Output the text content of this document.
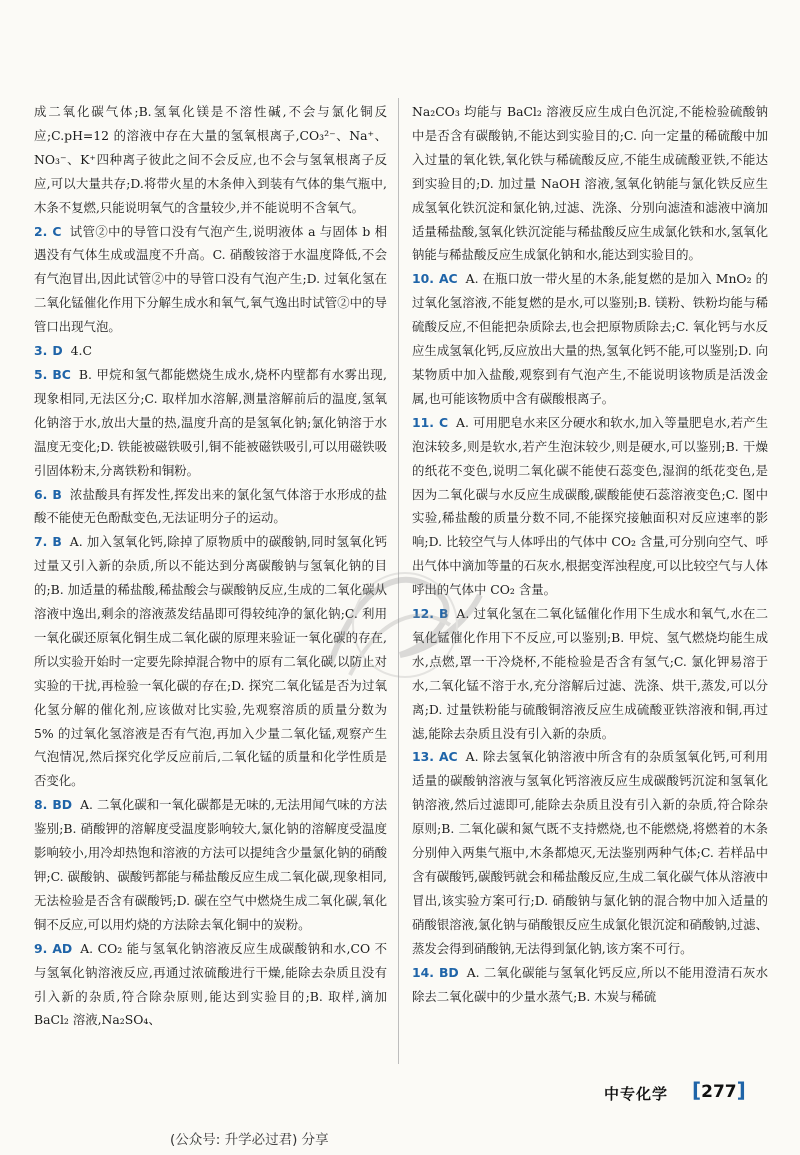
成二氧化碳气体;B.氢氧化镁是不溶性碱,不会与氯化铜反应;C.pH=12 的溶液中存在大量的氢氧根离子,CO₃²⁻、Na⁺、NO₃⁻、K⁺四种离子彼此之间不会反应,也不会与氢氧根离子反应,可以大量共存;D.将带火星的木条伸入到装有气体的集气瓶中,木条不复燃,只能说明氧气的含量较少,并不能说明不含氧气。
2. C 试管②中的导管口没有气泡产生,说明液体 a 与固体 b 相遇没有气体生成或温度不升高。C. 硝酸铵溶于水温度降低,不会有气泡冒出,因此试管②中的导管口没有气泡产生;D. 过氧化氢在二氧化锰催化作用下分解生成水和氧气,氧气逸出时试管②中的导管口出现气泡。
3. D 4.C
5. BC B. 甲烷和氢气都能燃烧生成水,烧杯内壁都有水雾出现,现象相同,无法区分;C. 取样加水溶解,测量溶解前后的温度,氢氧化钠溶于水,放出大量的热,温度升高的是氢氧化钠;氯化钠溶于水温度无变化;D. 铁能被磁铁吸引,铜不能被磁铁吸引,可以用磁铁吸引固体粉末,分离铁粉和铜粉。
6. B 浓盐酸具有挥发性,挥发出来的氯化氢气体溶于水形成的盐酸不能使无色酚酞变色,无法证明分子的运动。
7. B A. 加入氢氧化钙,除掉了原物质中的碳酸钠,同时氢氧化钙过量又引入新的杂质,所以不能达到分离碳酸钠与氢氧化钠的目的;B. 加适量的稀盐酸,稀盐酸会与碳酸钠反应,生成的二氧化碳从溶液中逸出,剩余的溶液蒸发结晶即可得较纯净的氯化钠;C. 利用一氧化碳还原氧化铜生成二氧化碳的原理来验证一氧化碳的存在,所以实验开始时一定要先除掉混合物中的原有二氧化碳,以防止对实验的干扰,再检验一氧化碳的存在;D. 探究二氧化锰是否为过氧化氢分解的催化剂,应该做对比实验,先观察溶质的质量分数为 5% 的过氧化氢溶液是否有气泡,再加入少量二氧化锰,观察产生气泡情况,然后探究化学反应前后,二氧化锰的质量和化学性质是否变化。
8. BD A. 二氧化碳和一氧化碳都是无味的,无法用闻气味的方法鉴别;B. 硝酸钾的溶解度受温度影响较大,氯化钠的溶解度受温度影响较小,用冷却热饱和溶液的方法可以提纯含少量氯化钠的硝酸钾;C. 碳酸钠、碳酸钙都能与稀盐酸反应生成二氧化碳,现象相同,无法检验是否含有碳酸钙;D. 碳在空气中燃烧生成二氧化碳,氧化铜不反应,可以用灼烧的方法除去氧化铜中的炭粉。
9. AD A. CO₂ 能与氢氧化钠溶液反应生成碳酸钠和水,CO 不与氢氧化钠溶液反应,再通过浓硫酸进行干燥,能除去杂质且没有引入新的杂质,符合除杂原则,能达到实验目的;B. 取样,滴加 BaCl₂ 溶液,Na₂SO₄、
Na₂CO₃ 均能与 BaCl₂ 溶液反应生成白色沉淀,不能检验硫酸钠中是否含有碳酸钠,不能达到实验目的;C. 向一定量的稀硫酸中加入过量的氧化铁,氧化铁与稀硫酸反应,不能生成硫酸亚铁,不能达到实验目的;D. 加过量 NaOH 溶液,氢氧化钠能与氯化铁反应生成氢氧化铁沉淀和氯化钠,过滤、洗涤、分别向滤渣和滤液中滴加适量稀盐酸,氢氧化铁沉淀能与稀盐酸反应生成氯化铁和水,氢氧化钠能与稀盐酸反应生成氯化钠和水,能达到实验目的。
10. AC A. 在瓶口放一带火星的木条,能复燃的是加入 MnO₂ 的过氧化氢溶液,不能复燃的是水,可以鉴别;B. 镁粉、铁粉均能与稀硫酸反应,不但能把杂质除去,也会把原物质除去;C. 氧化钙与水反应生成氢氧化钙,反应放出大量的热,氢氧化钙不能,可以鉴别;D. 向某物质中加入盐酸,观察到有气泡产生,不能说明该物质是活泼金属,也可能该物质中含有碳酸根离子。
11. C A. 可用肥皂水来区分硬水和软水,加入等量肥皂水,若产生泡沫较多,则是软水,若产生泡沫较少,则是硬水,可以鉴别;B. 干燥的纸花不变色,说明二氧化碳不能使石蕊变色,湿润的纸花变色,是因为二氧化碳与水反应生成碳酸,碳酸能使石蕊溶液变色;C. 图中实验,稀盐酸的质量分数不同,不能探究接触面积对反应速率的影响;D. 比较空气与人体呼出的气体中 CO₂ 含量,可分别向空气、呼出气体中滴加等量的石灰水,根据变浑浊程度,可以比较空气与人体呼出的气体中 CO₂ 含量。
12. B A. 过氧化氢在二氧化锰催化作用下生成水和氧气,水在二氧化锰催化作用下不反应,可以鉴别;B. 甲烷、氢气燃烧均能生成水,点燃,罩一干冷烧杯,不能检验是否含有氢气;C. 氯化钾易溶于水,二氧化锰不溶于水,充分溶解后过滤、洗涤、烘干,蒸发,可以分离;D. 过量铁粉能与硫酸铜溶液反应生成硫酸亚铁溶液和铜,再过滤,能除去杂质且没有引入新的杂质。
13. AC A. 除去氢氧化钠溶液中所含有的杂质氢氧化钙,可利用适量的碳酸钠溶液与氢氧化钙溶液反应生成碳酸钙沉淀和氢氧化钠溶液,然后过滤即可,能除去杂质且没有引入新的杂质,符合除杂原则;B. 二氧化碳和氮气既不支持燃烧,也不能燃烧,将燃着的木条分别伸入两集气瓶中,木条都熄灭,无法鉴别两种气体;C. 若样品中含有碳酸钙,碳酸钙就会和稀盐酸反应,生成二氧化碳气体从溶液中冒出,该实验方案可行;D. 硝酸钠与氯化钠的混合物中加入适量的硝酸银溶液,氯化钠与硝酸银反应生成氯化银沉淀和硝酸钠,过滤、蒸发会得到硝酸钠,无法得到氯化钠,该方案不可行。
14. BD A. 二氧化碳能与氢氧化钙反应,所以不能用澄清石灰水除去二氧化碳中的少量水蒸气;B. 木炭与稀硫
中专化学 [277]
(公众号: 升学必过君) 分享
